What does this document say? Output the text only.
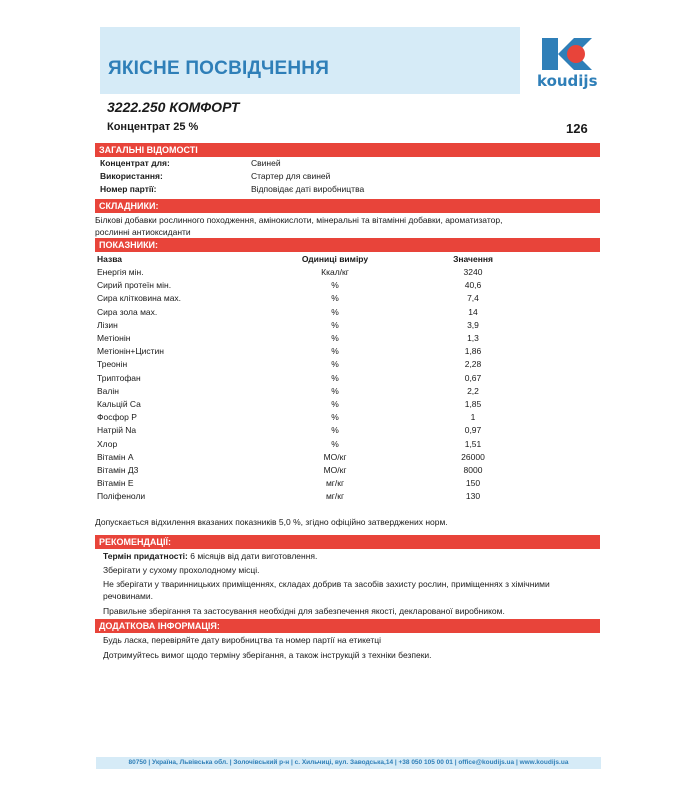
ЯКІСНЕ ПОСВІДЧЕННЯ
koudijs
3222.250 КОМФОРТ
Концентрат 25 %	126
ЗАГАЛЬНІ ВІДОМОСТІ
Концентрат для:	Свиней
Використання:	Стартер для свиней
Номер партії:	Відповідає даті виробництва
СКЛАДНИКИ:
Білкові добавки рослинного походження, амінокислоти, мінеральні та вітамінні добавки, ароматизатор, рослинні антиоксиданти
ПОКАЗНИКИ:
Назва	Одиниці виміру	Значення
Енергія мін.	Ккал/кг	3240
Сирий протеїн мін.	%	40,6
Сира клітковина мах.	%	7,4
Сира зола мах.	%	14
Лізин	%	3,9
Метіонін	%	1,3
Метіонін+Цистин	%	1,86
Треонін	%	2,28
Триптофан	%	0,67
Валін	%	2,2
Кальцій Са	%	1,85
Фосфор Р	%	1
Натрій Na	%	0,97
Хлор	%	1,51
Вітамін А	МО/кг	26000
Вітамін Д3	МО/кг	8000
Вітамін Е	мг/кг	150
Поліфеноли	мг/кг	130
Допускається відхилення вказаних показників 5,0 %, згідно офіційно затверджених норм.
РЕКОМЕНДАЦІЇ:
Термін придатності: 6 місяців від дати виготовлення.
Зберігати у сухому прохолодному місці.
Не зберігати у тваринницьких приміщеннях, складах добрив та засобів захисту рослин, приміщеннях з хімічними речовинами.
Правильне зберігання та застосування необхідні для забезпечення якості, декларованої виробником.
ДОДАТКОВА ІНФОРМАЦІЯ:
Будь ласка, перевіряйте дату виробництва та номер партії на етикетці
Дотримуйтесь вимог щодо терміну зберігання, а також інструкцій з техніки безпеки.
80750 | Україна, Львівська обл. | Золочівський р-н | с. Хильчиці, вул. Заводська,14 | +38 050 105 00 01 | office@koudijs.ua | www.koudijs.ua
